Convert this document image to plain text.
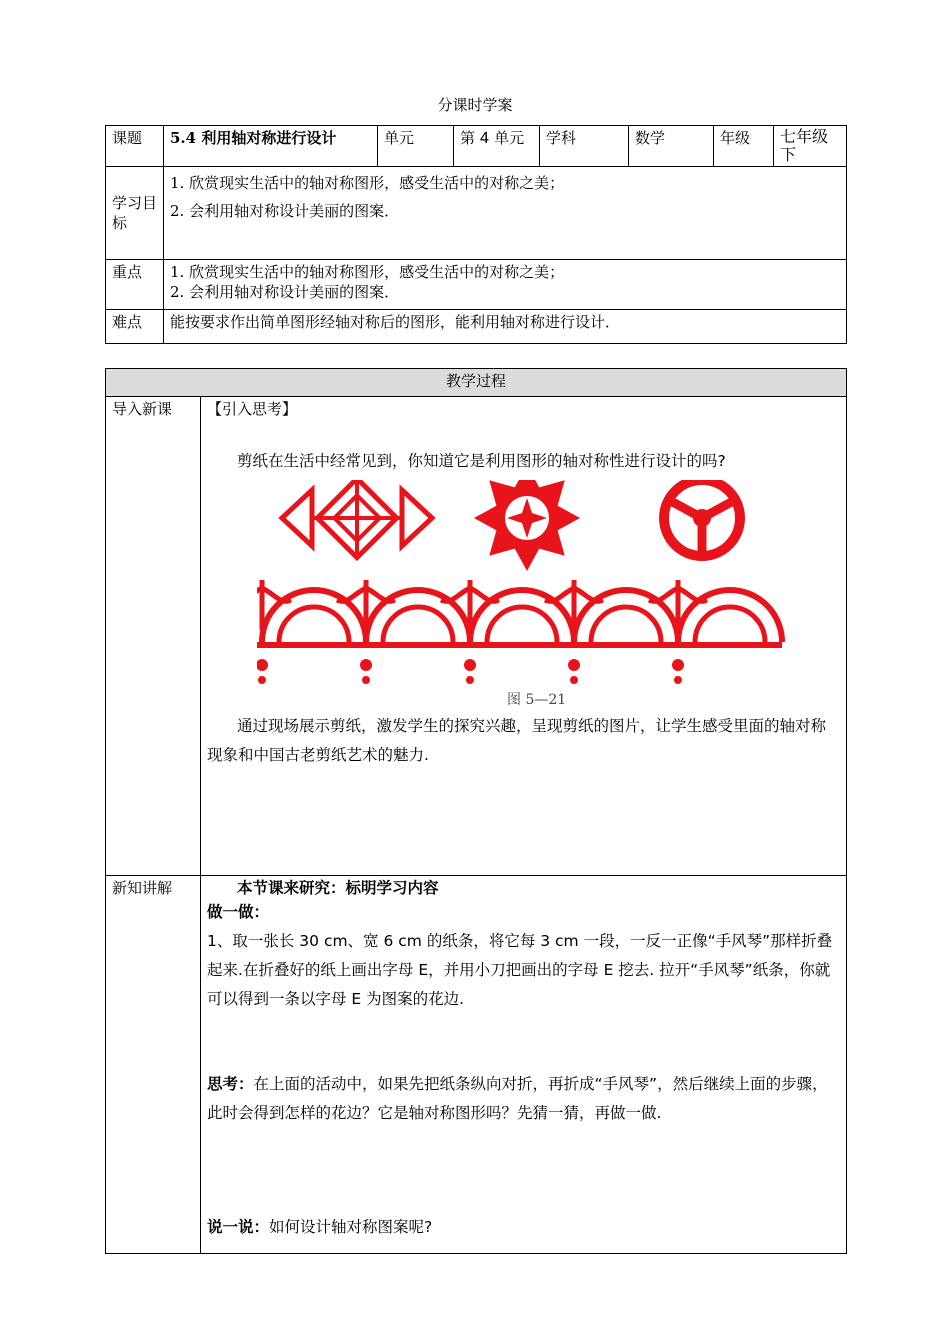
分课时学案
课题	5.4 利用轴对称进行设计	单元	第 4 单元	学科	数学	年级	七年级下
学习目标	1. 欣赏现实生活中的轴对称图形，感受生活中的对称之美；

2. 会利用轴对称设计美丽的图案．						

重点	1. 欣赏现实生活中的轴对称图形，感受生活中的对称之美；

2. 会利用轴对称设计美丽的图案．						

难点	能按要求作出简单图形经轴对称后的图形，能利用轴对称进行设计．						
教学过程	
导入新课	【引入思考】

剪纸在生活中经常见到，你知道它是利用图形的轴对称性进行设计的吗?

图 5—21

通过现场展示剪纸，激发学生的探究兴趣，呈现剪纸的图片，让学生感受里面的轴对称现象和中国古老剪纸艺术的魅力.

新知讲解	本节课来研究：标明学习内容

做一做：

1、取一张长 30 cm、宽 6 cm 的纸条，将它每 3 cm 一段，一反一正像“手风琴”那样折叠起来.在折叠好的纸上画出字母 E，并用小刀把画出的字母 E 挖去. 拉开“手风琴”纸条，你就可以得到一条以字母 E 为图案的花边.

思考：在上面的活动中，如果先把纸条纵向对折，再折成“手风琴”，然后继续上面的步骤，此时会得到怎样的花边？它是轴对称图形吗？先猜一猜，再做一做.

说一说：如何设计轴对称图案呢?
